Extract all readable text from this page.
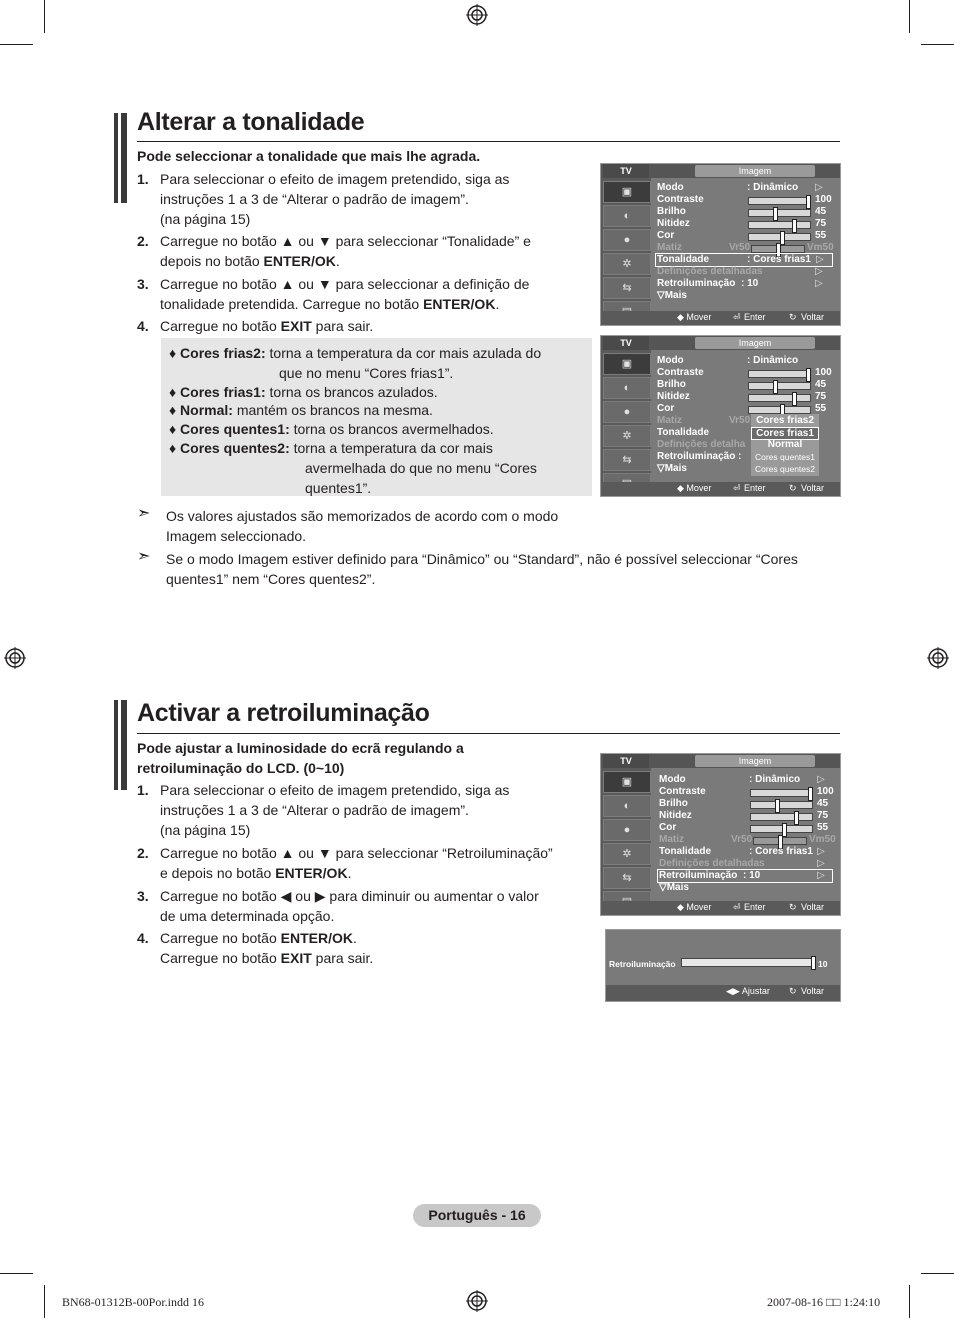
Alterar a tonalidade
Pode seleccionar a tonalidade que mais lhe agrada.
1. Para seleccionar o efeito de imagem pretendido, siga as
instruções 1 a 3 de “Alterar o padrão de imagem”.
(na página 15)
2. Carregue no botão ▲ ou ▼ para seleccionar “Tonalidade” e
depois no botão ENTER/OK.
3. Carregue no botão ▲ ou ▼ para seleccionar a definição de
tonalidade pretendida. Carregue no botão ENTER/OK.
4. Carregue no botão EXIT para sair.
♦ Cores frias2: torna a temperatura da cor mais azulada do
que no menu “Cores frias1”.
♦ Cores frias1: torna os brancos azulados.
♦ Normal: mantém os brancos na mesma.
♦ Cores quentes1: torna os brancos avermelhados.
♦ Cores quentes2: torna a temperatura da cor mais
avermelhada do que no menu “Cores
quentes1”.
➣ Os valores ajustados são memorizados de acordo com o modo
Imagem seleccionado.
➣ Se o modo Imagem estiver definido para “Dinâmico” ou “Standard”, não é possível seleccionar “Cores
quentes1” nem “Cores quentes2”.
TV	Imagem
▣
◐
●
✲
⇆
Modo	: Dinâmico ▷
Contraste	100
Brilho	45
Nitidez	75
Cor	55
Matiz	Vr50	Vm50
Tonalidade	: Cores frias1 ▷
Definições detalhadas	▷
Retroiluminação : 10	▷
▽Mais
◆ Mover ⏎ Enter	↻ Voltar
TV	Imagem
▣
◐
●
✲
⇆
Modo	: Dinâmico
Contraste	100
Brilho	45
Nitidez	75
Cor	55
Matiz	Vr50
Tonalidade
Definições detalha
Retroiluminação :
▽Mais
Cores frias2
Cores frias1
Normal
Cores quentes1
Cores quentes2
◆ Mover ⏎ Enter	↻ Voltar
Activar a retroiluminação
Pode ajustar a luminosidade do ecrã regulando a
retroiluminação do LCD. (0~10)
1. Para seleccionar o efeito de imagem pretendido, siga as
instruções 1 a 3 de “Alterar o padrão de imagem”.
(na página 15)
2. Carregue no botão ▲ ou ▼ para seleccionar “Retroiluminação”
e depois no botão ENTER/OK.
3. Carregue no botão ◀ ou ▶ para diminuir ou aumentar o valor
de uma determinada opção.
4. Carregue no botão ENTER/OK.
Carregue no botão EXIT para sair.
TV	Imagem
▣
◐
●
✲
⇆
Modo	: Dinâmico ▷
Contraste	100
Brilho	45
Nitidez	75
Cor	55
Matiz	Vr50	Vm50
Tonalidade	: Cores frias1 ▷
Definições detalhadas	▷
Retroiluminação : 10	▷
▽Mais
◆ Mover ⏎ Enter	↻ Voltar
Retroiluminação	10
◀▶ Ajustar ↻ Voltar
Português - 16
BN68-01312B-00Por.indd 16	2007-08-16 □□ 1:24:10
